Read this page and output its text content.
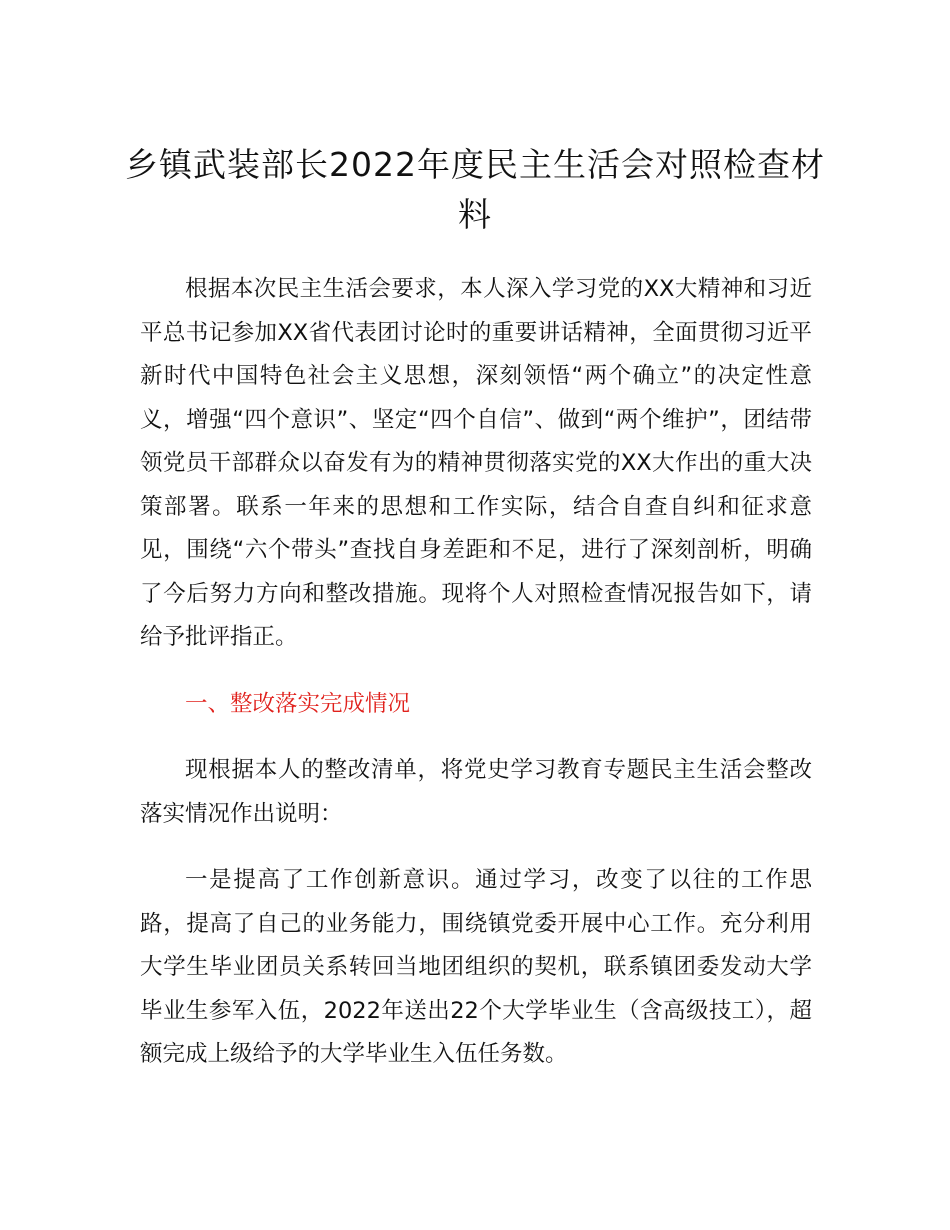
乡镇武装部长2022年度民主生活会对照检查材料

根据本次民主生活会要求，本人深入学习党的XX大精神和习近平总书记参加XX省代表团讨论时的重要讲话精神，全面贯彻习近平新时代中国特色社会主义思想，深刻领悟“两个确立”的决定性意义，增强“四个意识”、坚定“四个自信”、做到“两个维护”，团结带领党员干部群众以奋发有为的精神贯彻落实党的XX大作出的重大决策部署。联系一年来的思想和工作实际，结合自查自纠和征求意见，围绕“六个带头”查找自身差距和不足，进行了深刻剖析，明确了今后努力方向和整改措施。现将个人对照检查情况报告如下，请给予批评指正。

一、整改落实完成情况

现根据本人的整改清单，将党史学习教育专题民主生活会整改落实情况作出说明：

一是提高了工作创新意识。通过学习，改变了以往的工作思路，提高了自己的业务能力，围绕镇党委开展中心工作。充分利用大学生毕业团员关系转回当地团组织的契机，联系镇团委发动大学毕业生参军入伍，2022年送出22个大学毕业生（含高级技工），超额完成上级给予的大学毕业生入伍任务数。
